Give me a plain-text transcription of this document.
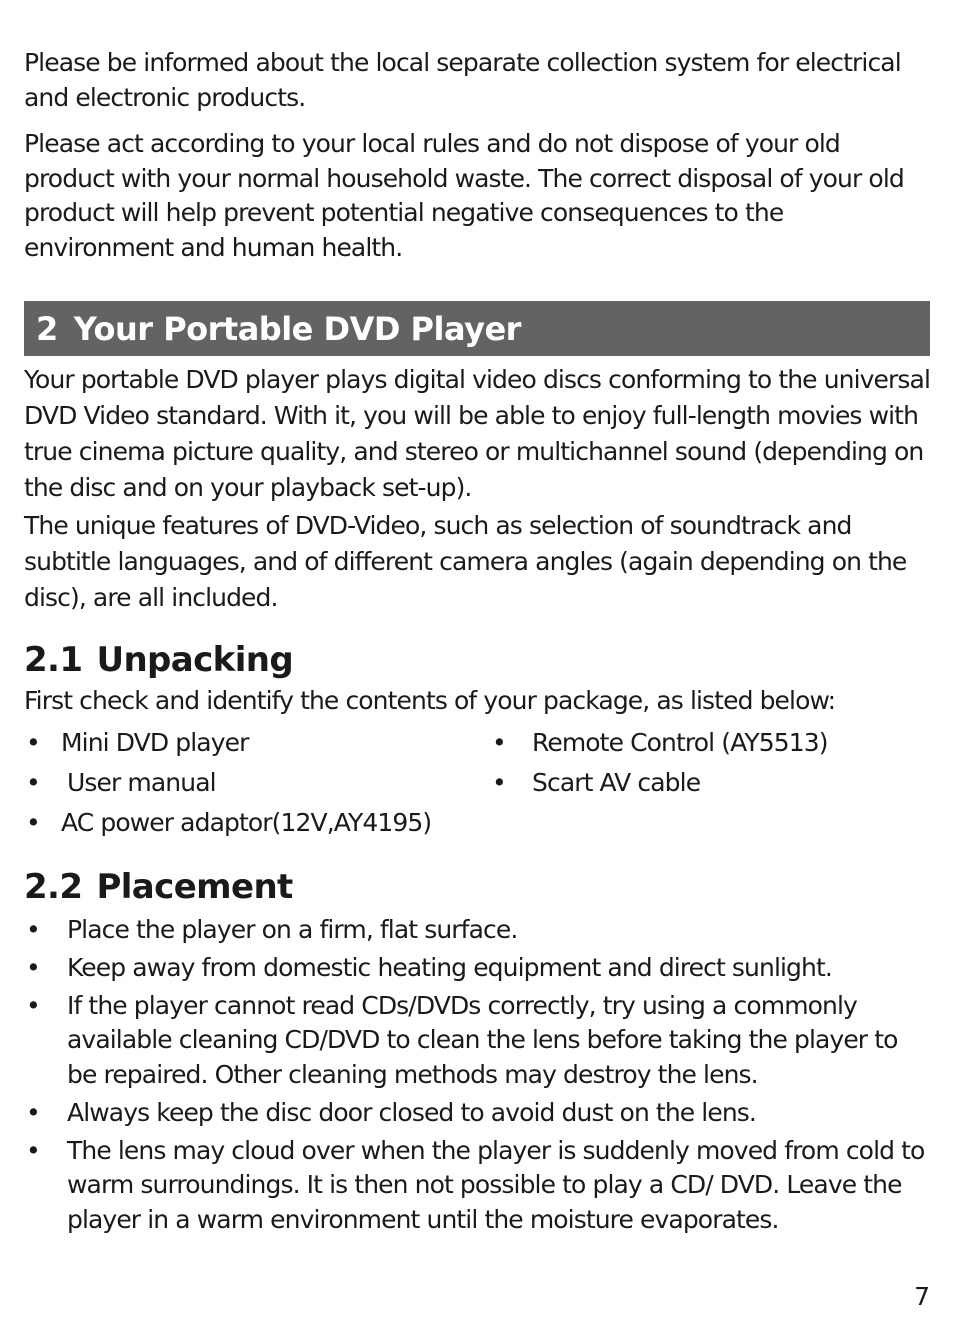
Please be informed about the local separate collection system for electrical and electronic products.

Please act according to your local rules and do not dispose of your old product with your normal household waste. The correct disposal of your old product will help prevent potential negative consequences to the environment and human health.

2 Your Portable DVD Player

Your portable DVD player plays digital video discs conforming to the universal DVD Video standard. With it, you will be able to enjoy full-length movies with true cinema picture quality, and stereo or multichannel sound (depending on the disc and on your playback set-up).

The unique features of DVD-Video, such as selection of soundtrack and subtitle languages, and of different camera angles (again depending on the disc), are all included.

2.1 Unpacking

First check and identify the contents of your package, as listed below:

• Mini DVD player	•	Remote Control (AY5513)
•	User manual	•	Scart AV cable
• AC power adaptor(12V,AY4195)
2.2 Placement
•	Place the player on a firm, flat surface.
•	Keep away from domestic heating equipment and direct sunlight.
•	If the player cannot read CDs/DVDs correctly, try using a commonly available cleaning CD/DVD to clean the lens before taking the player to be repaired. Other cleaning methods may destroy the lens.
•	Always keep the disc door closed to avoid dust on the lens.
•	The lens may cloud over when the player is suddenly moved from cold to warm surroundings. It is then not possible to play a CD/ DVD. Leave the player in a warm environment until the moisture evaporates.
7
